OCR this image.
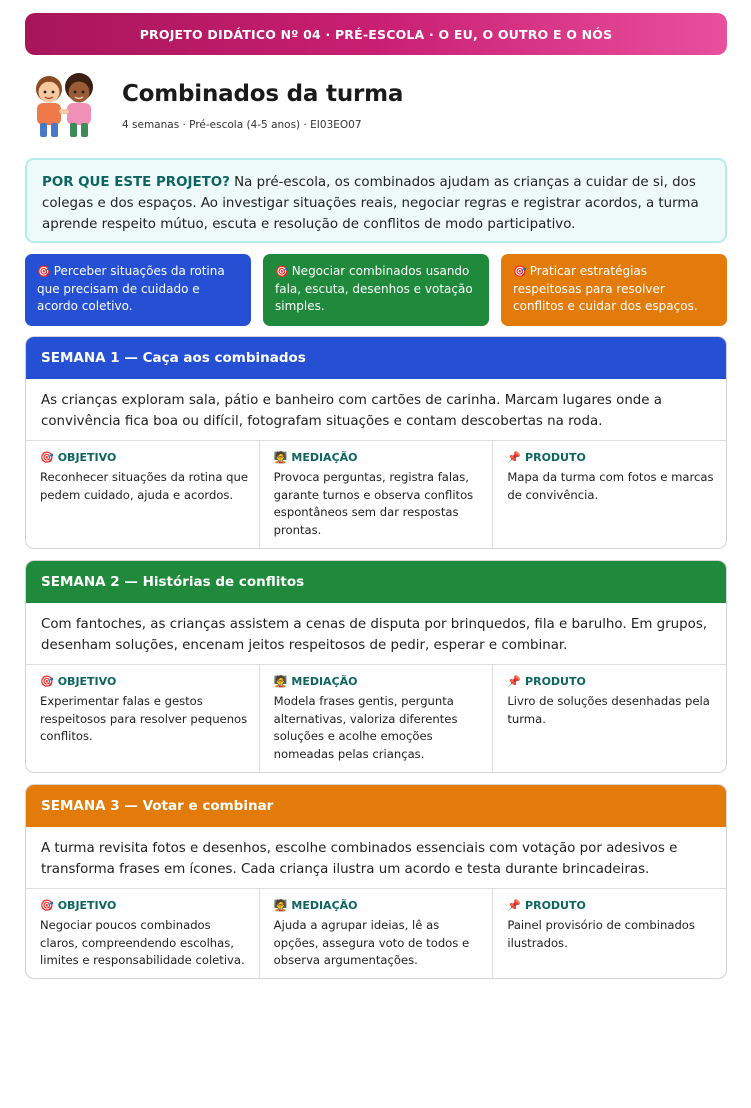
PROJETO DIDÁTICO Nº 04 · PRÉ-ESCOLA · O EU, O OUTRO E O NÓS
Combinados da turma
4 semanas · Pré-escola (4-5 anos) · EI03EO07
POR QUE ESTE PROJETO? Na pré-escola, os combinados ajudam as crianças a cuidar de si, dos colegas e dos espaços. Ao investigar situações reais, negociar regras e registrar acordos, a turma aprende respeito mútuo, escuta e resolução de conflitos de modo participativo.
🎯 Perceber situações da rotina que precisam de cuidado e acordo coletivo.
🎯 Negociar combinados usando fala, escuta, desenhos e votação simples.
🎯 Praticar estratégias respeitosas para resolver conflitos e cuidar dos espaços.
SEMANA 1 — Caça aos combinados
As crianças exploram sala, pátio e banheiro com cartões de carinha. Marcam lugares onde a convivência fica boa ou difícil, fotografam situações e contam descobertas na roda.
🎯 OBJETIVO
Reconhecer situações da rotina que pedem cuidado, ajuda e acordos.
🧑‍🏫 MEDIAÇÃO
Provoca perguntas, registra falas, garante turnos e observa conflitos espontâneos sem dar respostas prontas.
📌 PRODUTO
Mapa da turma com fotos e marcas de convivência.
SEMANA 2 — Histórias de conflitos
Com fantoches, as crianças assistem a cenas de disputa por brinquedos, fila e barulho. Em grupos, desenham soluções, encenam jeitos respeitosos de pedir, esperar e combinar.
🎯 OBJETIVO
Experimentar falas e gestos respeitosos para resolver pequenos conflitos.
🧑‍🏫 MEDIAÇÃO
Modela frases gentis, pergunta alternativas, valoriza diferentes soluções e acolhe emoções nomeadas pelas crianças.
📌 PRODUTO
Livro de soluções desenhadas pela turma.
SEMANA 3 — Votar e combinar
A turma revisita fotos e desenhos, escolhe combinados essenciais com votação por adesivos e transforma frases em ícones. Cada criança ilustra um acordo e testa durante brincadeiras.
🎯 OBJETIVO
Negociar poucos combinados claros, compreendendo escolhas, limites e responsabilidade coletiva.
🧑‍🏫 MEDIAÇÃO
Ajuda a agrupar ideias, lê as opções, assegura voto de todos e observa argumentações.
📌 PRODUTO
Painel provisório de combinados ilustrados.
